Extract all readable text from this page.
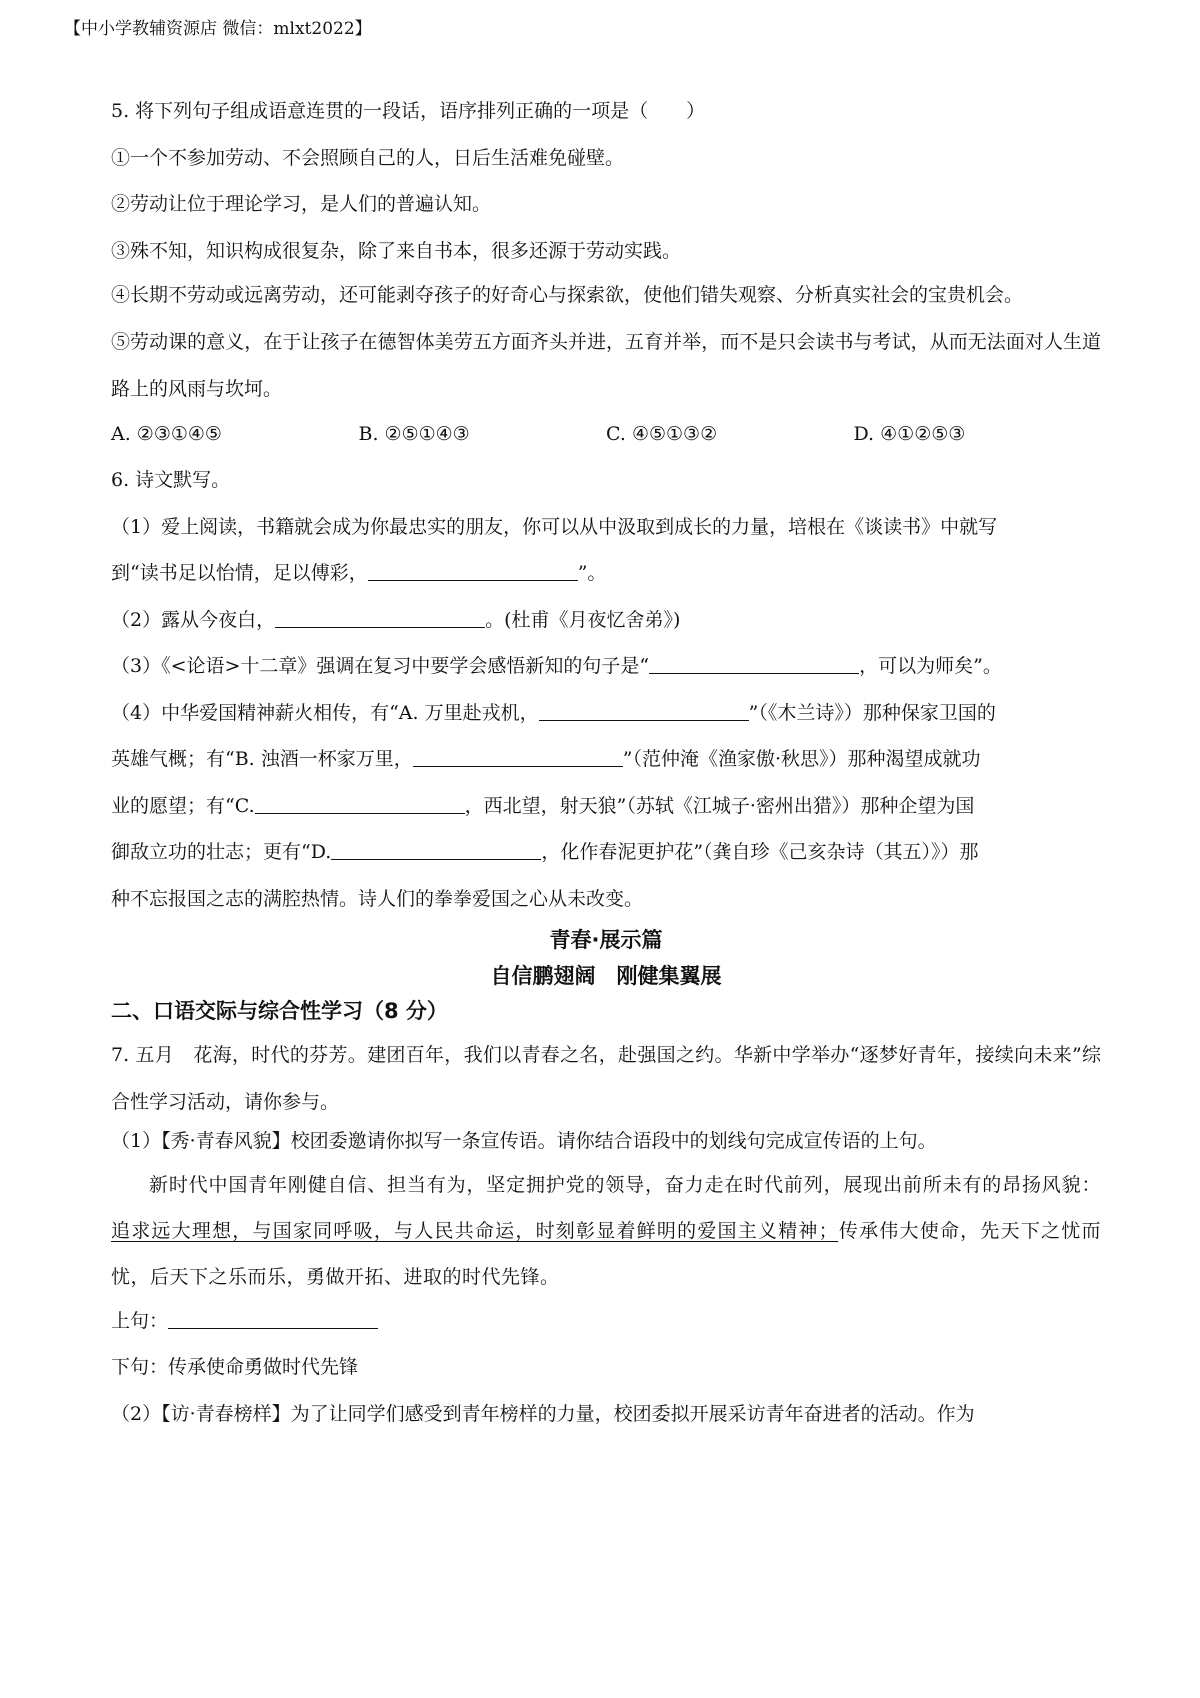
【中小学教辅资源店 微信：mlxt2022】

5. 将下列句子组成语意连贯的一段话，语序排列正确的一项是（　　）

①一个不参加劳动、不会照顾自己的人，日后生活难免碰壁。

②劳动让位于理论学习，是人们的普遍认知。

③殊不知，知识构成很复杂，除了来自书本，很多还源于劳动实践。

④长期不劳动或远离劳动，还可能剥夺孩子的好奇心与探索欲，使他们错失观察、分析真实社会的宝贵机会。

⑤劳动课的意义，在于让孩子在德智体美劳五方面齐头并进，五育并举，而不是只会读书与考试，从而无法面对人生道路上的风雨与坎坷。

A. ②③①④⑤	B. ②⑤①④③	C. ④⑤①③②	D. ④①②⑤③

6. 诗文默写。

（1）爱上阅读，书籍就会成为你最忠实的朋友，你可以从中汲取到成长的力量，培根在《谈读书》中就写

到“读书足以怡情，足以傅彩，	”。

（2）露从今夜白，	。(杜甫《月夜忆舍弟》)

（3）《<论语>十二章》强调在复习中要学会感悟新知的句子是“	，可以为师矣”。

（4）中华爱国精神薪火相传，有“A. 万里赴戎机，	”（《木兰诗》）那种保家卫国的

英雄气概；有“B. 浊酒一杯家万里，	”（范仲淹《渔家傲·秋思》）那种渴望成就功

业的愿望；有“C.	，西北望，射天狼”（苏轼《江城子·密州出猎》）那种企望为国

御敌立功的壮志；更有“D.	，化作春泥更护花”（龚自珍《己亥杂诗（其五）》）那

种不忘报国之志的满腔热情。诗人们的拳拳爱国之心从未改变。

青春·展示篇

自信鹏翅阔　刚健集翼展

二、口语交际与综合性学习（8 分）

7. 五月　花海，时代的芬芳。建团百年，我们以青春之名，赴强国之约。华新中学举办“逐梦好青年，接续向未来”综合性学习活动，请你参与。

（1）【秀·青春风貌】校团委邀请你拟写一条宣传语。请你结合语段中的划线句完成宣传语的上句。

新时代中国青年刚健自信、担当有为，坚定拥护党的领导，奋力走在时代前列，展现出前所未有的昂扬风貌：追求远大理想，与国家同呼吸，与人民共命运，时刻彰显着鲜明的爱国主义精神；传承伟大使命，先天下之忧而忧，后天下之乐而乐，勇做开拓、进取的时代先锋。

上句：

下句：传承使命勇做时代先锋

（2）【访·青春榜样】为了让同学们感受到青年榜样的力量，校团委拟开展采访青年奋进者的活动。作为
